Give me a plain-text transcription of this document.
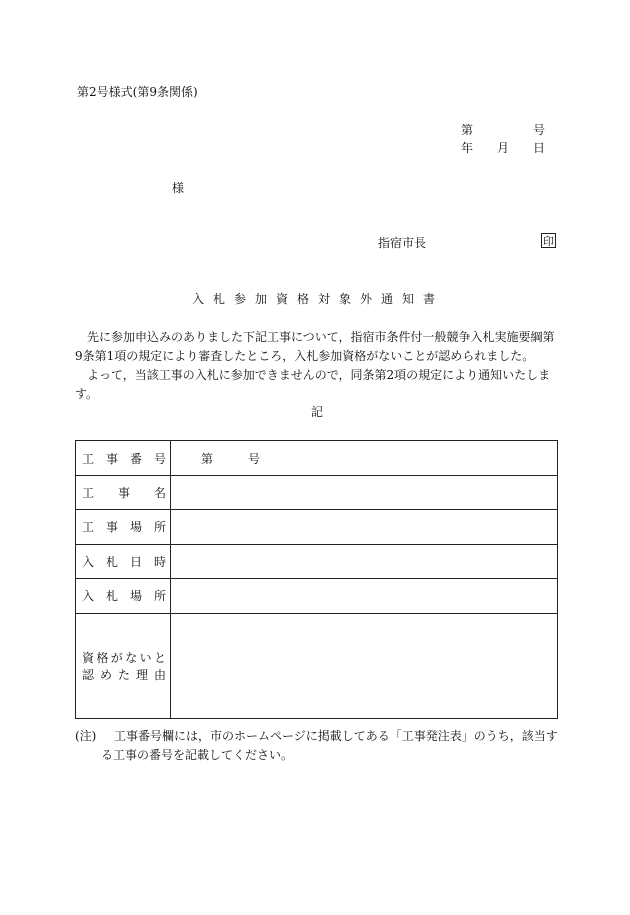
第2号様式(第9条関係)
第	号
年 月 日
様
指宿市長	印
入札参加資格対象外通知書
先に参加申込みのありました下記工事について，指宿市条件付一般競争入札実施要綱第9条第1項の規定により審査したところ，入札参加資格がないことが認められました。
よって，当該工事の入札に参加できませんので，同条第2項の規定により通知いたします。
記
工事番号	第	号
工事名
工事場所
入札日時
入札場所
資格がないと
認めた理由
(注) 工事番号欄には，市のホームページに掲載してある「工事発注表」のうち，該当す
る工事の番号を記載してください。
